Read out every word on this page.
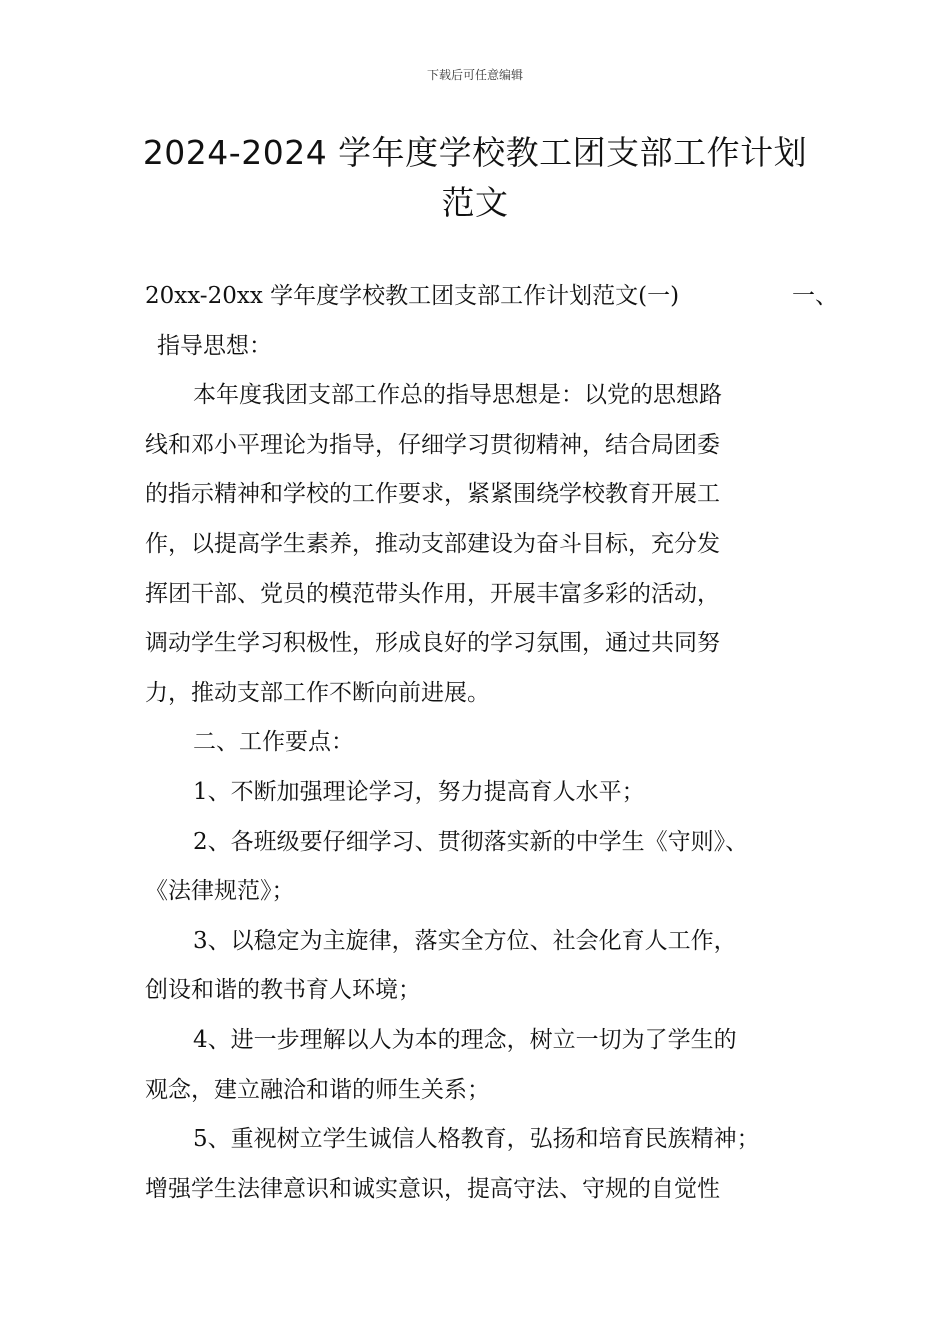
下载后可任意编辑
2024-2024 学年度学校教工团支部工作计划
范文

20xx-20xx 学年度学校教工团支部工作计划范文(一)	一、

指导思想：

本年度我团支部工作总的指导思想是：以党的思想路

线和邓小平理论为指导，仔细学习贯彻精神，结合局团委

的指示精神和学校的工作要求，紧紧围绕学校教育开展工

作，以提高学生素养，推动支部建设为奋斗目标，充分发

挥团干部、党员的模范带头作用，开展丰富多彩的活动，

调动学生学习积极性，形成良好的学习氛围，通过共同努

力，推动支部工作不断向前进展。

二、工作要点：

1、不断加强理论学习，努力提高育人水平；

2、各班级要仔细学习、贯彻落实新的中学生《守则》、

《法律规范》；

3、以稳定为主旋律，落实全方位、社会化育人工作，

创设和谐的教书育人环境；

4、进一步理解以人为本的理念，树立一切为了学生的

观念，建立融洽和谐的师生关系；

5、重视树立学生诚信人格教育，弘扬和培育民族精神；

增强学生法律意识和诚实意识，提高守法、守规的自觉性
